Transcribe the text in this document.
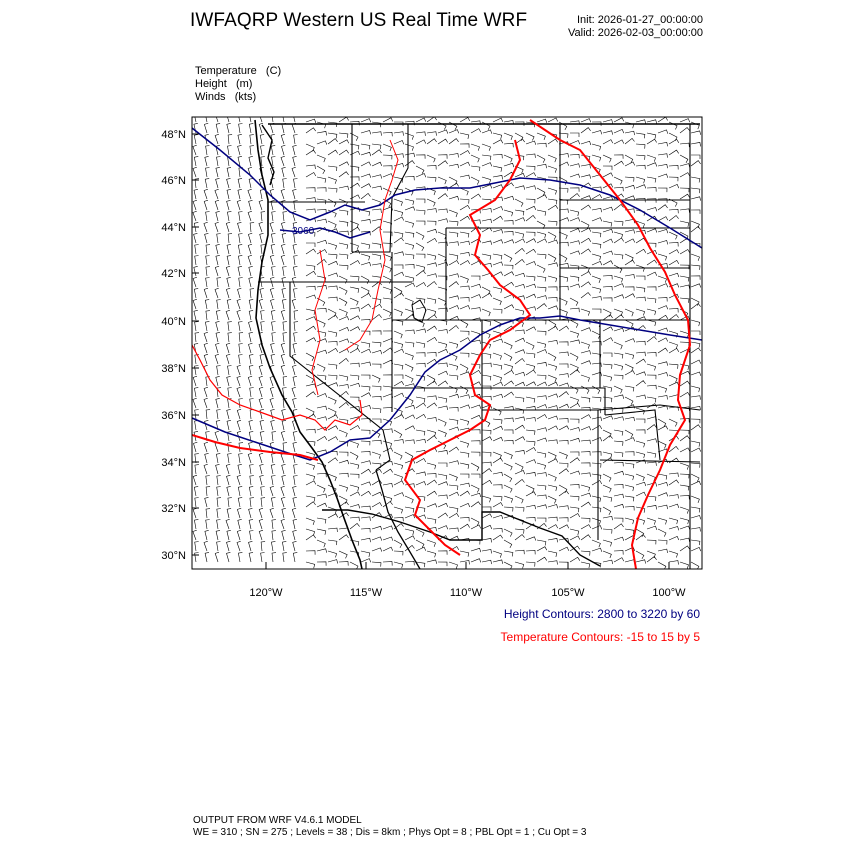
IWFAQRP Western US Real Time WRF	Init: 2026-01-27_00:00:00
Valid: 2026-02-03_00:00:00
Temperature   (C)
Height   (m)
Winds   (kts)
3060
48°N
46°N
44°N
42°N
40°N
38°N
36°N
34°N
32°N
30°N
120°W	115°W	110°W	105°W	100°W
Height Contours: 2800 to 3220 by 60
Temperature Contours: -15 to 15 by 5
OUTPUT FROM WRF V4.6.1 MODEL
WE = 310 ; SN = 275 ; Levels = 38 ; Dis = 8km ; Phys Opt = 8 ; PBL Opt = 1 ; Cu Opt = 3
